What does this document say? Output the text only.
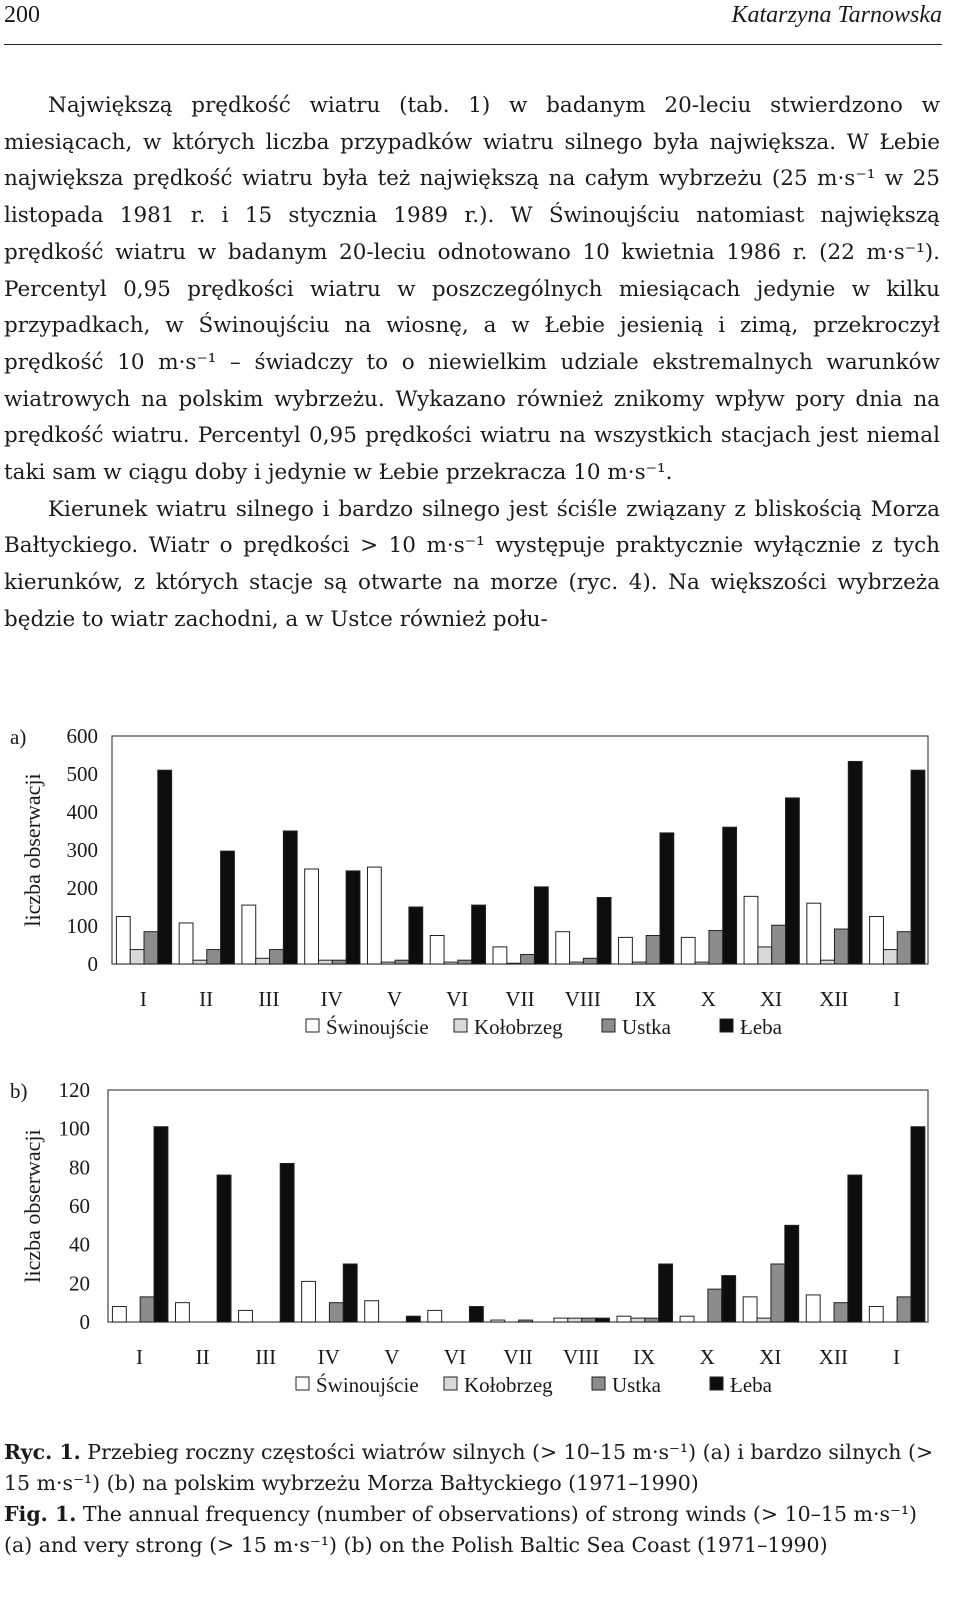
200	Katarzyna Tarnowska

Największą prędkość wiatru (tab. 1) w badanym 20-leciu stwierdzono w miesiącach, w których liczba przypadków wiatru silnego była największa. W Łebie największa prędkość wiatru była też największą na całym wybrzeżu (25 m·s⁻¹ w 25 listopada 1981 r. i 15 stycznia 1989 r.). W Świnoujściu natomiast największą prędkość wiatru w badanym 20-leciu odnotowano 10 kwietnia 1986 r. (22 m·s⁻¹). Percentyl 0,95 prędkości wiatru w poszczególnych miesiącach jedynie w kilku przypadkach, w Świnoujściu na wiosnę, a w Łebie jesienią i zimą, przekroczył prędkość 10 m·s⁻¹ – świadczy to o niewielkim udziale ekstremalnych warunków wiatrowych na polskim wybrzeżu. Wykazano również znikomy wpływ pory dnia na prędkość wiatru. Percentyl 0,95 prędkości wiatru na wszystkich stacjach jest niemal taki sam w ciągu doby i jedynie w Łebie przekracza 10 m·s⁻¹.

Kierunek wiatru silnego i bardzo silnego jest ściśle związany z bliskością Morza Bałtyckiego. Wiatr o prędkości > 10 m·s⁻¹ występuje praktycznie wyłącznie z tych kierunków, z których stacje są otwarte na morze (ryc. 4). Na większości wybrzeża będzie to wiatr zachodni, a w Ustce również połu-

a)
0
100
200
300
400
500
600
liczba obserwacji
I II III IV V VI VII VIII IX X XI XII I
Świnoujście Kołobrzeg	Ustka	Łeba
b)
0
20
40
60
80
100
120
liczba obserwacji
I	II III IV V VI VII VIII IX X XI XII I
Świnoujście Kołobrzeg	Ustka	Łeba

Ryc. 1. Przebieg roczny częstości wiatrów silnych (> 10–15 m·s⁻¹) (a) i bardzo silnych (> 15 m·s⁻¹) (b) na polskim wybrzeżu Morza Bałtyckiego (1971–1990)

Fig. 1. The annual frequency (number of observations) of strong winds (> 10–15 m·s⁻¹) (a) and very strong (> 15 m·s⁻¹) (b) on the Polish Baltic Sea Coast (1971–1990)
